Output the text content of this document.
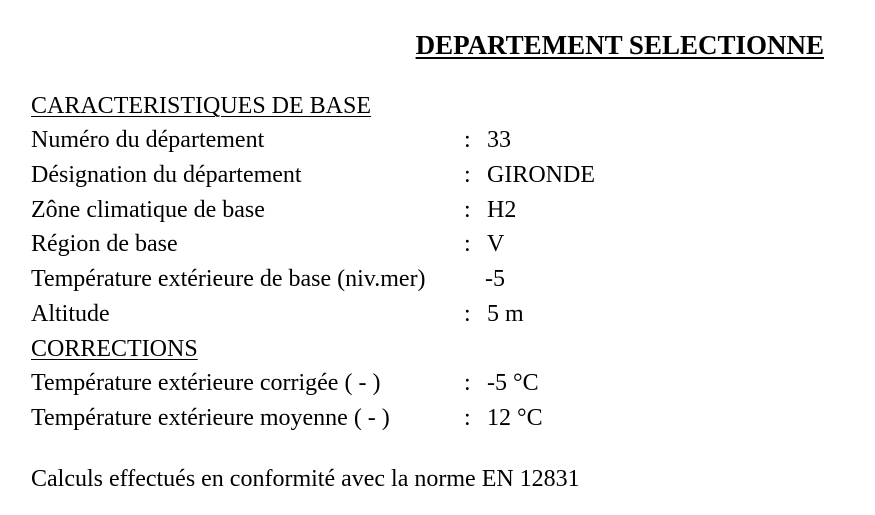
DEPARTEMENT SELECTIONNE
CARACTERISTIQUES DE BASE
Numéro du département	: 33
Désignation du département	: GIRONDE
Zône climatique de base	: H2
Région de base	: V
Température extérieure de base (niv.mer) -5
Altitude	: 5 m
CORRECTIONS
Température extérieure corrigée ( - )	: -5 °C
Température extérieure moyenne ( - )	: 12 °C
Calculs effectués en conformité avec la norme EN 12831
